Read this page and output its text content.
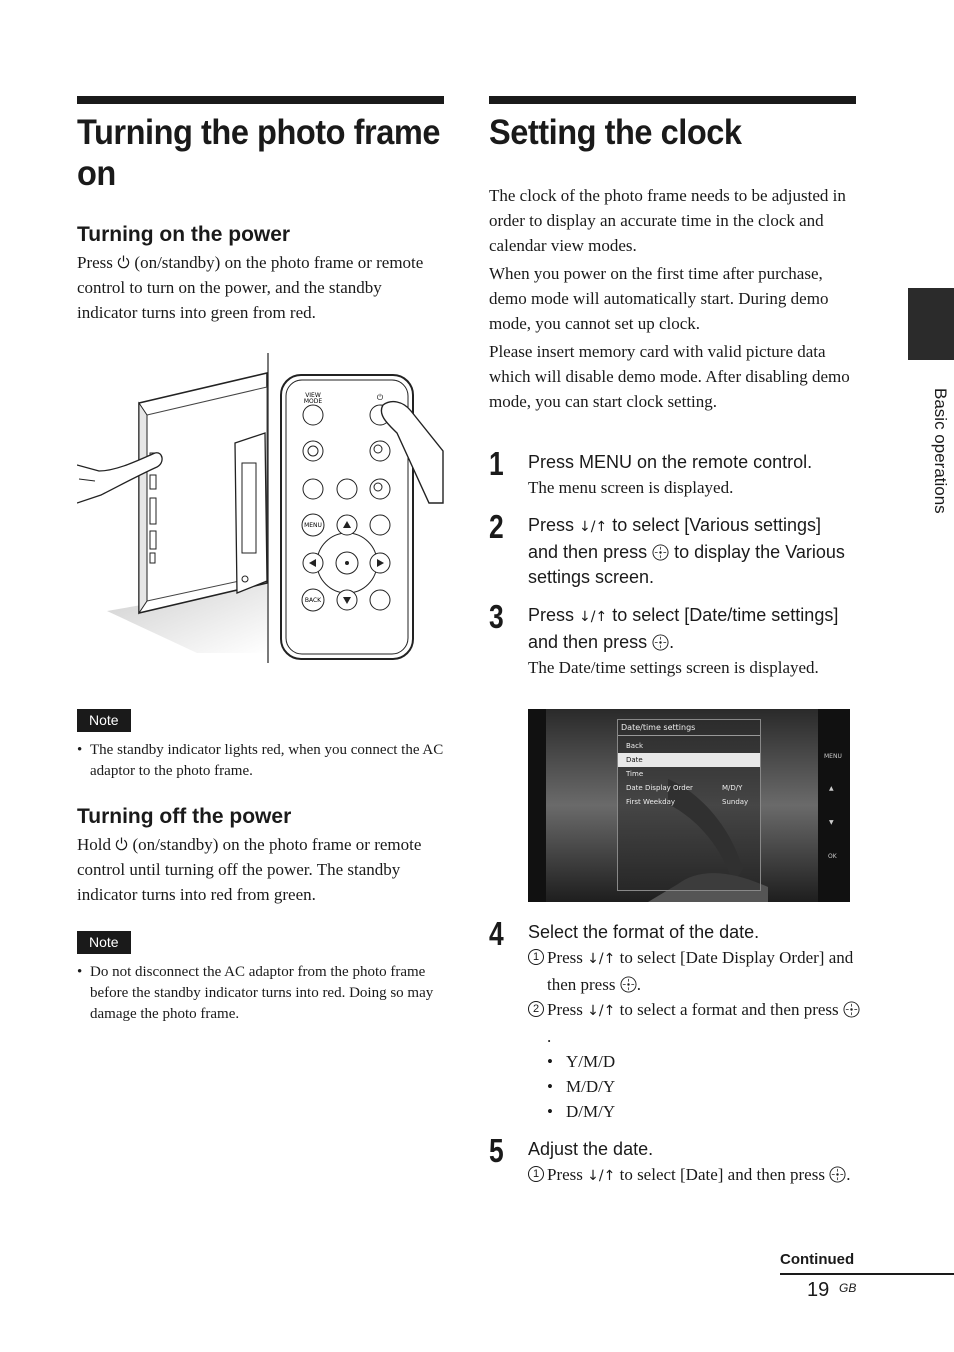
Turning the photo frame on
Turning on the power

Press (on/standby) on the photo frame or remote control to turn on the power, and the standby indicator turns into green from red.

VIEW
MODE	⏻
MENU
BACK
Note
• The standby indicator lights red, when you connect the AC adaptor to the photo frame.
Turning off the power

Hold (on/standby) on the photo frame or remote control until turning off the power. The standby indicator turns into red from green.

Note
• Do not disconnect the AC adaptor from the photo frame before the standby indicator turns into red. Doing so may damage the photo frame.
Setting the clock

The clock of the photo frame needs to be adjusted in order to display an accurate time in the clock and calendar view modes.

When you power on the first time after purchase, demo mode will automatically start. During demo mode, you cannot set up clock.

Please insert memory card with valid picture data which will disable demo mode. After disabling demo mode, you can start clock setting.

1 Press MENU on the remote control.
The menu screen is displayed.
2 Press ↓/↑ to select [Various settings] and then press to display the Various settings screen.
3 Press ↓/↑ to select [Date/time settings] and then press .
The Date/time settings screen is displayed.
Date/time settings
Back
Date
Time
Date Display Order	M/D/Y
First Weekday	Sunday
MENU
▲
▼
OK
4 Select the format of the date.
1 Press ↓/↑ to select [Date Display Order] and then press .
2 Press ↓/↑ to select a format and then press .
• Y/M/D
• M/D/Y
• D/M/Y
5 Adjust the date.
1 Press ↓/↑ to select [Date] and then press .
Basic operations
Continued
19 GB
